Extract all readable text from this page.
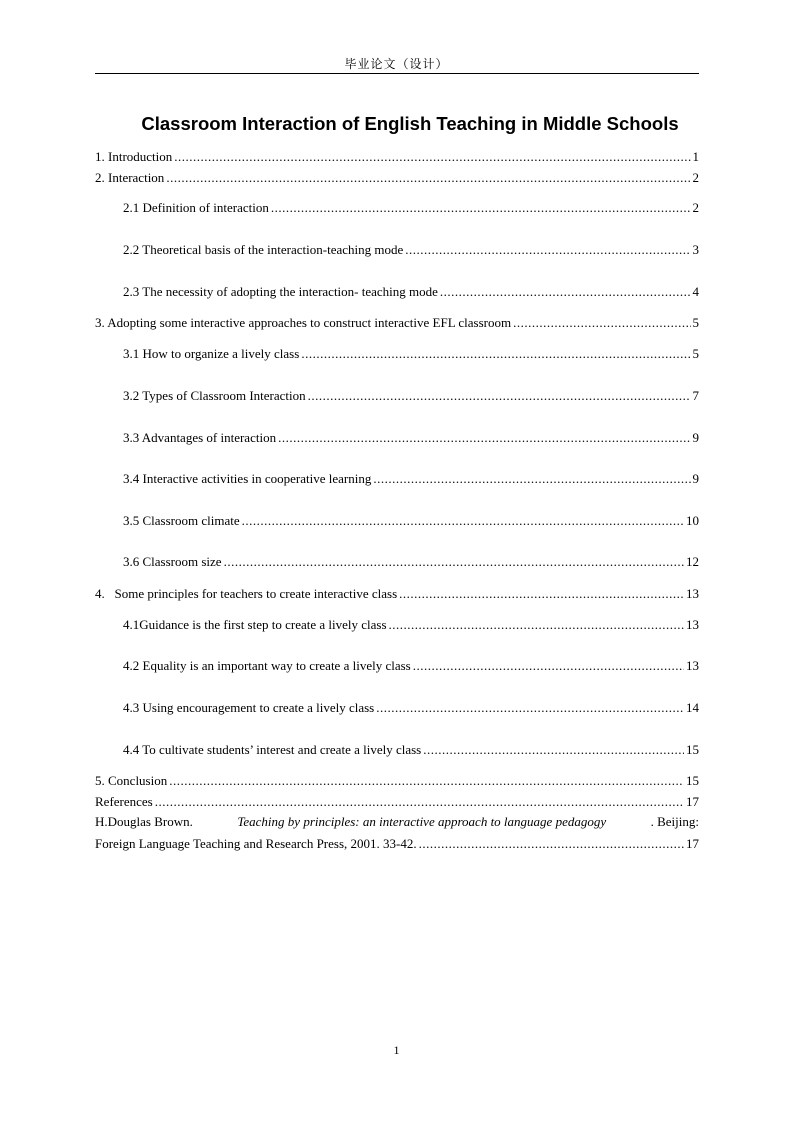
毕业论文（设计）
Classroom Interaction of English Teaching in Middle Schools
1. Introduction .....	1
2. Interaction .....	2
2.1 Definition of interaction .....	2
2.2 Theoretical basis of the interaction-teaching mode .....	3
2.3 The necessity of adopting the interaction- teaching mode .....	4
3. Adopting some interactive approaches to construct interactive EFL classroom .....	5
3.1 How to organize a lively class .....	5
3.2 Types of Classroom Interaction .....	7
3.3 Advantages of interaction .....	9
3.4 Interactive activities in cooperative learning .....	9
3.5 Classroom climate .....	10
3.6 Classroom size .....	12
4.   Some principles for teachers to create interactive class .....	13
4.1Guidance is the first step to create a lively class .....	13
4.2 Equality is an important way to create a lively class .....	13
4.3 Using encouragement to create a lively class .....	14
4.4 To cultivate students’ interest and create a lively class .....	15
5. Conclusion .....	15
References .....	17
H.Douglas Brown.	Teaching by principles: an interactive approach to language pedagogy	. Beijing:
Foreign Language Teaching and Research Press, 2001. 33-42. .....	17
1
